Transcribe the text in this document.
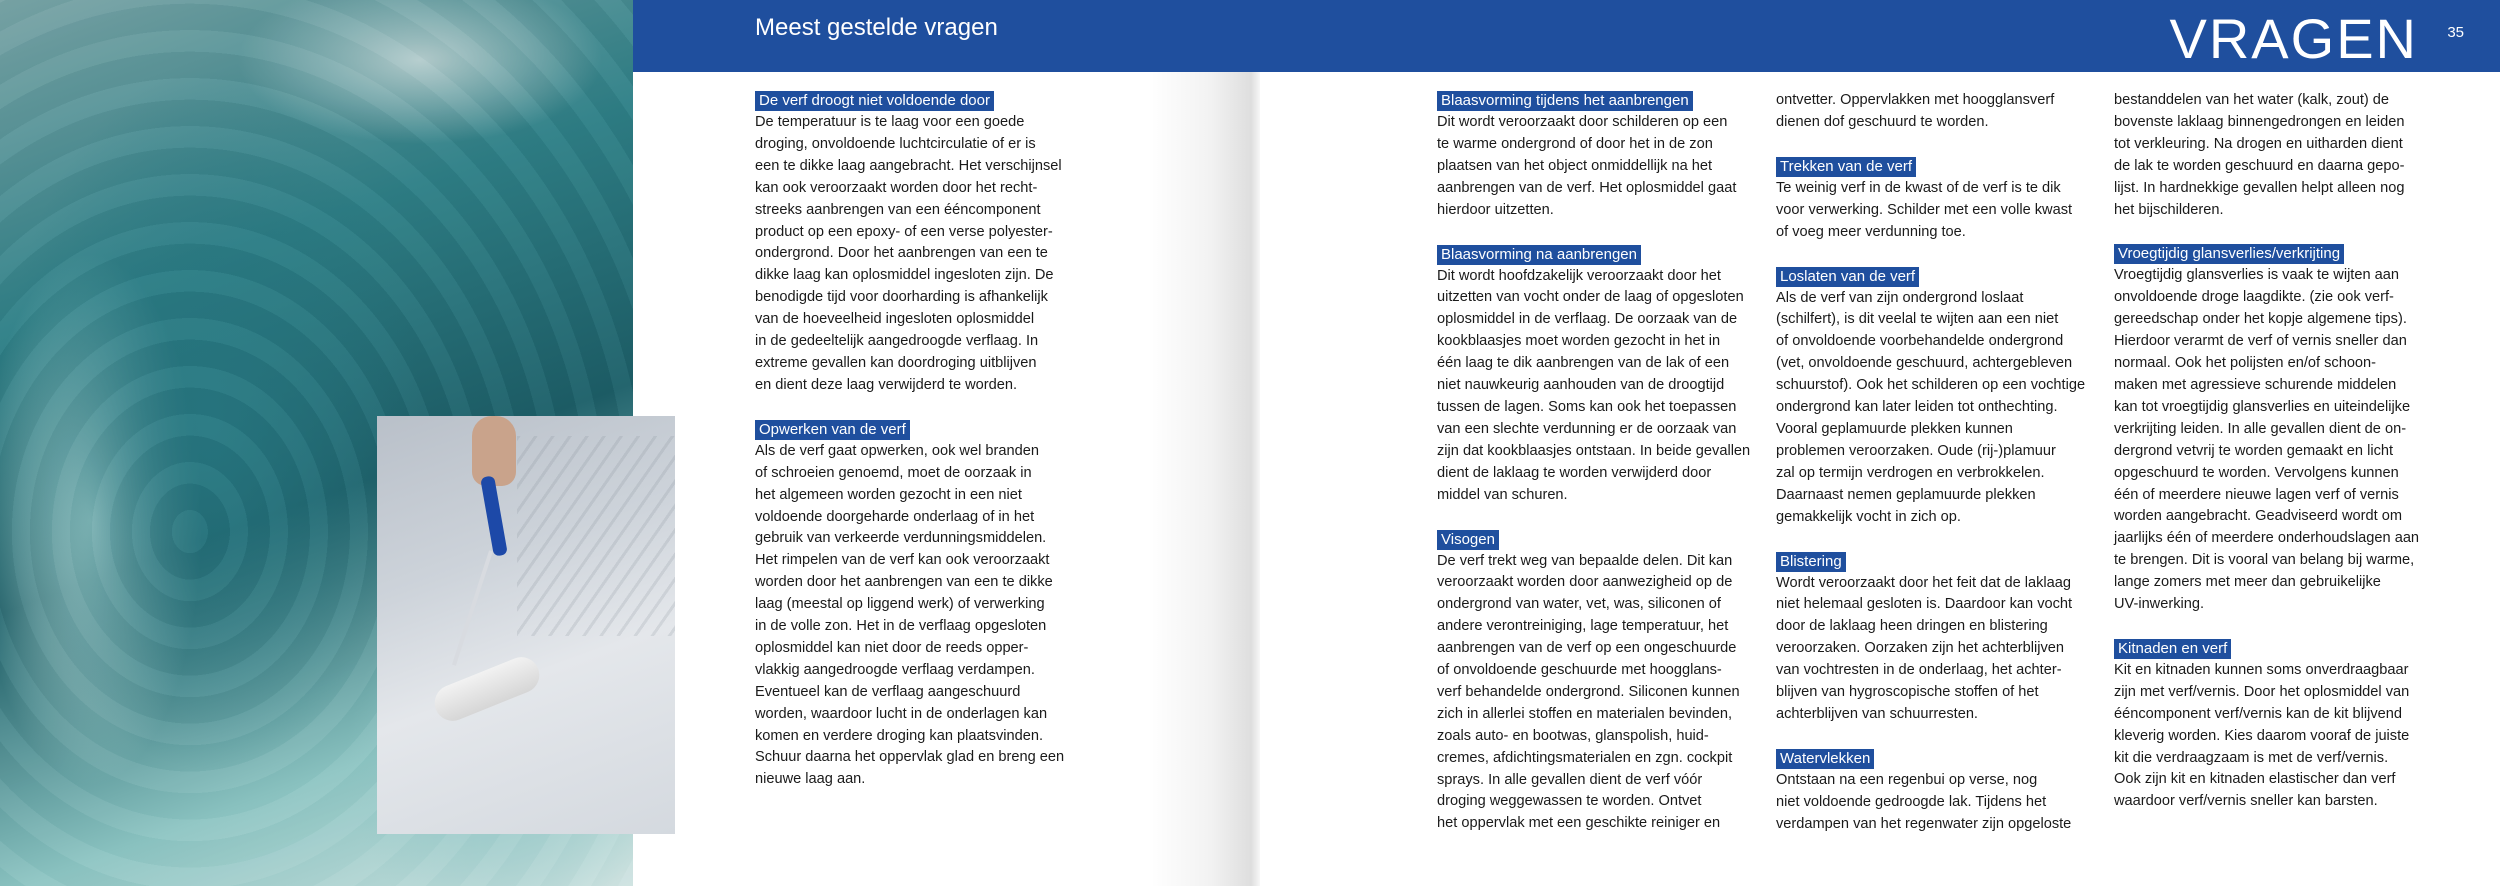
Meest gestelde vragen	VRAGEN 35
De verf droogt niet voldoende door
De temperatuur is te laag voor een goede
droging, onvoldoende luchtcirculatie of er is
een te dikke laag aangebracht. Het verschijnsel
kan ook veroorzaakt worden door het recht-
streeks aanbrengen van een ééncomponent
product op een epoxy- of een verse polyester-
ondergrond. Door het aanbrengen van een te
dikke laag kan oplosmiddel ingesloten zijn. De
benodigde tijd voor doorharding is afhankelijk
van de hoeveelheid ingesloten oplosmiddel
in de gedeeltelijk aangedroogde verflaag. In
extreme gevallen kan doordroging uitblijven
en dient deze laag verwijderd te worden.
Opwerken van de verf
Als de verf gaat opwerken, ook wel branden
of schroeien genoemd, moet de oorzaak in
het algemeen worden gezocht in een niet
voldoende doorgeharde onderlaag of in het
gebruik van verkeerde verdunningsmiddelen.
Het rimpelen van de verf kan ook veroorzaakt
worden door het aanbrengen van een te dikke
laag (meestal op liggend werk) of verwerking
in de volle zon. Het in de verflaag opgesloten
oplosmiddel kan niet door de reeds opper-
vlakkig aangedroogde verflaag verdampen.
Eventueel kan de verflaag aangeschuurd
worden, waardoor lucht in de onderlagen kan
komen en verdere droging kan plaatsvinden.
Schuur daarna het oppervlak glad en breng een
nieuwe laag aan.
Blaasvorming tijdens het aanbrengen
Dit wordt veroorzaakt door schilderen op een
te warme ondergrond of door het in de zon
plaatsen van het object onmiddellijk na het
aanbrengen van de verf. Het oplosmiddel gaat
hierdoor uitzetten.
Blaasvorming na aanbrengen
Dit wordt hoofdzakelijk veroorzaakt door het
uitzetten van vocht onder de laag of opgesloten
oplosmiddel in de verflaag. De oorzaak van de
kookblaasjes moet worden gezocht in het in
één laag te dik aanbrengen van de lak of een
niet nauwkeurig aanhouden van de droogtijd
tussen de lagen. Soms kan ook het toepassen
van een slechte verdunning er de oorzaak van
zijn dat kookblaasjes ontstaan. In beide gevallen
dient de laklaag te worden verwijderd door
middel van schuren.
Visogen
De verf trekt weg van bepaalde delen. Dit kan
veroorzaakt worden door aanwezigheid op de
ondergrond van water, vet, was, siliconen of
andere verontreiniging, lage temperatuur, het
aanbrengen van de verf op een ongeschuurde
of onvoldoende geschuurde met hoogglans-
verf behandelde ondergrond. Siliconen kunnen
zich in allerlei stoffen en materialen bevinden,
zoals auto- en bootwas, glanspolish, huid-
cremes, afdichtingsmaterialen en zgn. cockpit
sprays. In alle gevallen dient de verf vóór
droging weggewassen te worden. Ontvet
het oppervlak met een geschikte reiniger en
ontvetter. Oppervlakken met hoogglansverf
dienen dof geschuurd te worden.
Trekken van de verf
Te weinig verf in de kwast of de verf is te dik
voor verwerking. Schilder met een volle kwast
of voeg meer verdunning toe.
Loslaten van de verf
Als de verf van zijn ondergrond loslaat
(schilfert), is dit veelal te wijten aan een niet
of onvoldoende voorbehandelde ondergrond
(vet, onvoldoende geschuurd, achtergebleven
schuurstof). Ook het schilderen op een vochtige
ondergrond kan later leiden tot onthechting.
Vooral geplamuurde plekken kunnen
problemen veroorzaken. Oude (rij-)plamuur
zal op termijn verdrogen en verbrokkelen.
Daarnaast nemen geplamuurde plekken
gemakkelijk vocht in zich op.
Blistering
Wordt veroorzaakt door het feit dat de laklaag
niet helemaal gesloten is. Daardoor kan vocht
door de laklaag heen dringen en blistering
veroorzaken. Oorzaken zijn het achterblijven
van vochtresten in de onderlaag, het achter-
blijven van hygroscopische stoffen of het
achterblijven van schuurresten.
Watervlekken
Ontstaan na een regenbui op verse, nog
niet voldoende gedroogde lak. Tijdens het
verdampen van het regenwater zijn opgeloste
bestanddelen van het water (kalk, zout) de
bovenste laklaag binnengedrongen en leiden
tot verkleuring. Na drogen en uitharden dient
de lak te worden geschuurd en daarna gepo-
lijst. In hardnekkige gevallen helpt alleen nog
het bijschilderen.
Vroegtijdig glansverlies/verkrijting
Vroegtijdig glansverlies is vaak te wijten aan
onvoldoende droge laagdikte. (zie ook verf-
gereedschap onder het kopje algemene tips).
Hierdoor verarmt de verf of vernis sneller dan
normaal. Ook het polijsten en/of schoon-
maken met agressieve schurende middelen
kan tot vroegtijdig glansverlies en uiteindelijke
verkrijting leiden. In alle gevallen dient de on-
dergrond vetvrij te worden gemaakt en licht
opgeschuurd te worden. Vervolgens kunnen
één of meerdere nieuwe lagen verf of vernis
worden aangebracht. Geadviseerd wordt om
jaarlijks één of meerdere onderhoudslagen aan
te brengen. Dit is vooral van belang bij warme,
lange zomers met meer dan gebruikelijke
UV-inwerking.
Kitnaden en verf
Kit en kitnaden kunnen soms onverdraagbaar
zijn met verf/vernis. Door het oplosmiddel van
ééncomponent verf/vernis kan de kit blijvend
kleverig worden. Kies daarom vooraf de juiste
kit die verdraagzaam is met de verf/vernis.
Ook zijn kit en kitnaden elastischer dan verf
waardoor verf/vernis sneller kan barsten.
